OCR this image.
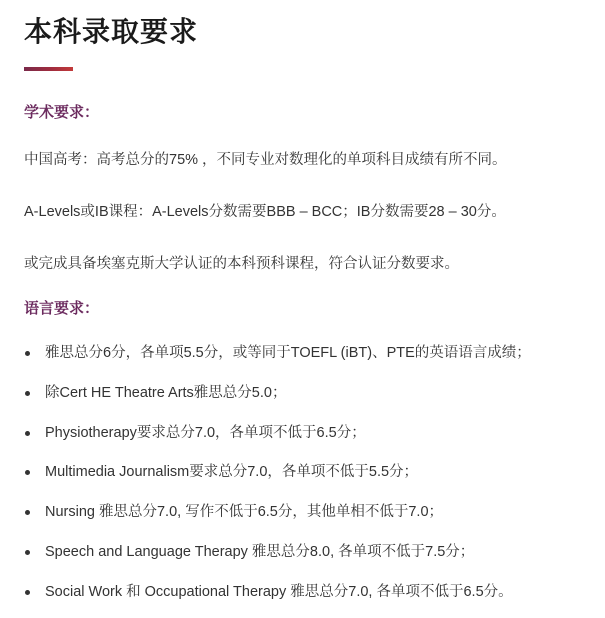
本科录取要求
学术要求：

中国高考：高考总分的75% ，不同专业对数理化的单项科目成绩有所不同。

A-Levels或IB课程：A-Levels分数需要BBB – BCC；IB分数需要28 – 30分。

或完成具备埃塞克斯大学认证的本科预科课程，符合认证分数要求。

语言要求：
雅思总分6分，各单项5.5分，或等同于TOEFL (iBT)、PTE的英语语言成绩；
除Cert HE Theatre Arts雅思总分5.0；
Physiotherapy要求总分7.0，各单项不低于6.5分；
Multimedia Journalism要求总分7.0，各单项不低于5.5分；
Nursing 雅思总分7.0, 写作不低于6.5分，其他单相不低于7.0；
Speech and Language Therapy 雅思总分8.0, 各单项不低于7.5分；
Social Work 和 Occupational Therapy 雅思总分7.0, 各单项不低于6.5分。
